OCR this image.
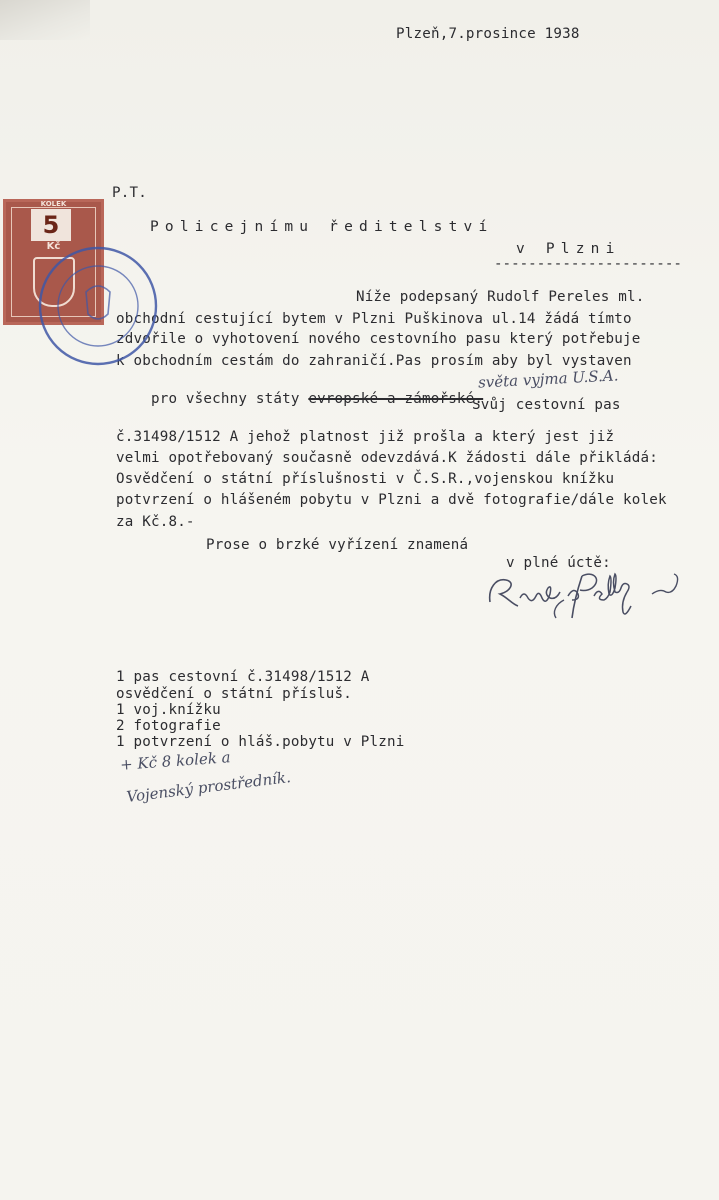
Plzeň,7.prosince 1938
P.T.
Policejnímu ředitelství
v Plzni
----------------------
Níže podepsaný Rudolf Pereles ml.
obchodní cestující bytem v Plzni Puškinova ul.14 žádá tímto
zdvořile o vyhotovení nového cestovního pasu který potřebuje
k obchodním cestám do zahraničí.Pas prosím aby byl vystaven

pro všechny státy evropské a zámořské.

světa vyjma U.S.A.
Svůj cestovní pas
č.31498/1512 A jehož platnost již prošla a který jest již
velmi opotřebovaný současně odevzdává.K žádosti dále přikládá:
Osvědčení o státní příslušnosti v Č.S.R.,vojenskou knížku
potvrzení o hlášeném pobytu v Plzni a dvě fotografie/dále kolek
za Kč.8.-
Prose o brzké vyřízení znamená
v plné úctě:
1 pas cestovní č.31498/1512 A
osvědčení o státní přísluš.
1 voj.knížku
2 fotografie
1 potvrzení o hláš.pobytu v Plzni
+ Kč 8 kolek a
Vojenský prostředník.
KOLEK
5
Kč
